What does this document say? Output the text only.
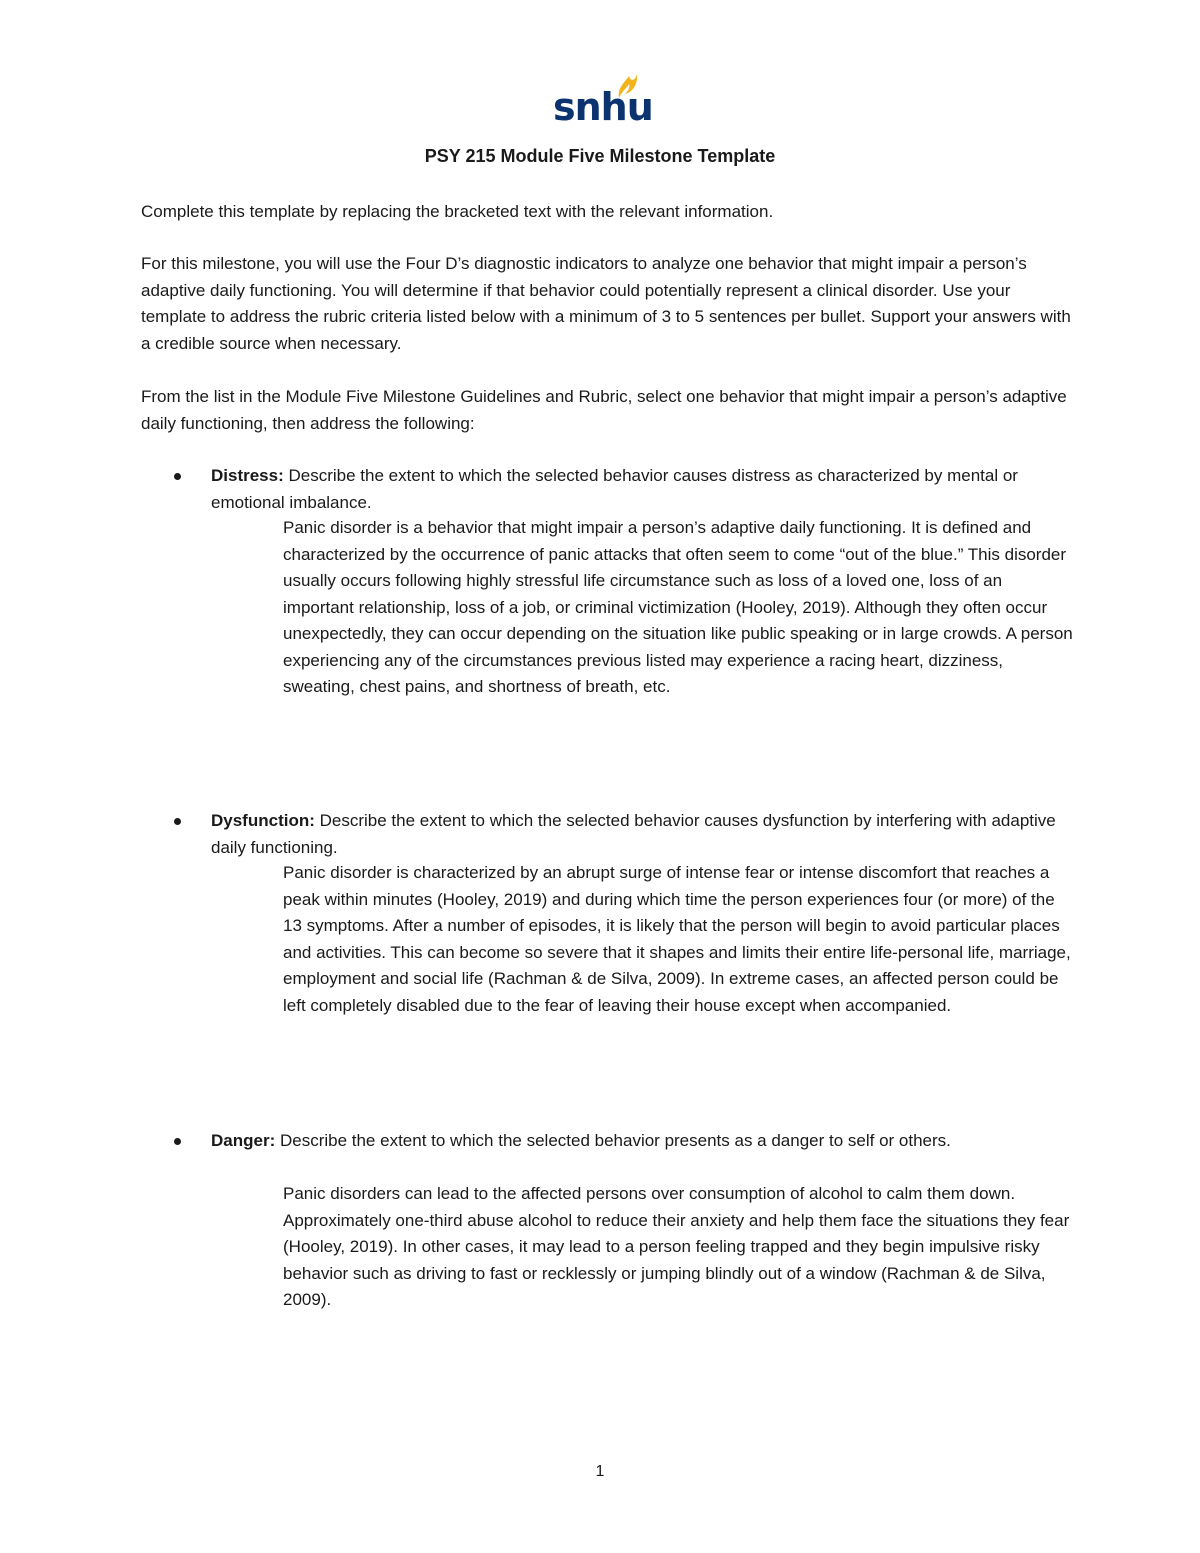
snhu
PSY 215 Module Five Milestone Template

Complete this template by replacing the bracketed text with the relevant information.

For this milestone, you will use the Four D’s diagnostic indicators to analyze one behavior that might impair a person’s adaptive daily functioning. You will determine if that behavior could potentially represent a clinical disorder. Use your template to address the rubric criteria listed below with a minimum of 3 to 5 sentences per bullet. Support your answers with a credible source when necessary.

From the list in the Module Five Milestone Guidelines and Rubric, select one behavior that might impair a person’s adaptive daily functioning, then address the following:

Distress: Describe the extent to which the selected behavior causes distress as characterized by mental or emotional imbalance.

Panic disorder is a behavior that might impair a person’s adaptive daily functioning. It is defined and characterized by the occurrence of panic attacks that often seem to come “out of the blue.” This disorder usually occurs following highly stressful life circumstance such as loss of a loved one, loss of an important relationship, loss of a job, or criminal victimization (Hooley, 2019). Although they often occur unexpectedly, they can occur depending on the situation like public speaking or in large crowds. A person experiencing any of the circumstances previous listed may experience a racing heart, dizziness, sweating, chest pains, and shortness of breath, etc.

Dysfunction: Describe the extent to which the selected behavior causes dysfunction by interfering with adaptive daily functioning.

Panic disorder is characterized by an abrupt surge of intense fear or intense discomfort that reaches a peak within minutes (Hooley, 2019) and during which time the person experiences four (or more) of the 13 symptoms. After a number of episodes, it is likely that the person will begin to avoid particular places and activities. This can become so severe that it shapes and limits their entire life-personal life, marriage, employment and social life (Rachman & de Silva, 2009). In extreme cases, an affected person could be left completely disabled due to the fear of leaving their house except when accompanied.

Danger: Describe the extent to which the selected behavior presents as a danger to self or others.

Panic disorders can lead to the affected persons over consumption of alcohol to calm them down. Approximately one-third abuse alcohol to reduce their anxiety and help them face the situations they fear (Hooley, 2019). In other cases, it may lead to a person feeling trapped and they begin impulsive risky behavior such as driving to fast or recklessly or jumping blindly out of a window (Rachman & de Silva, 2009).

1
